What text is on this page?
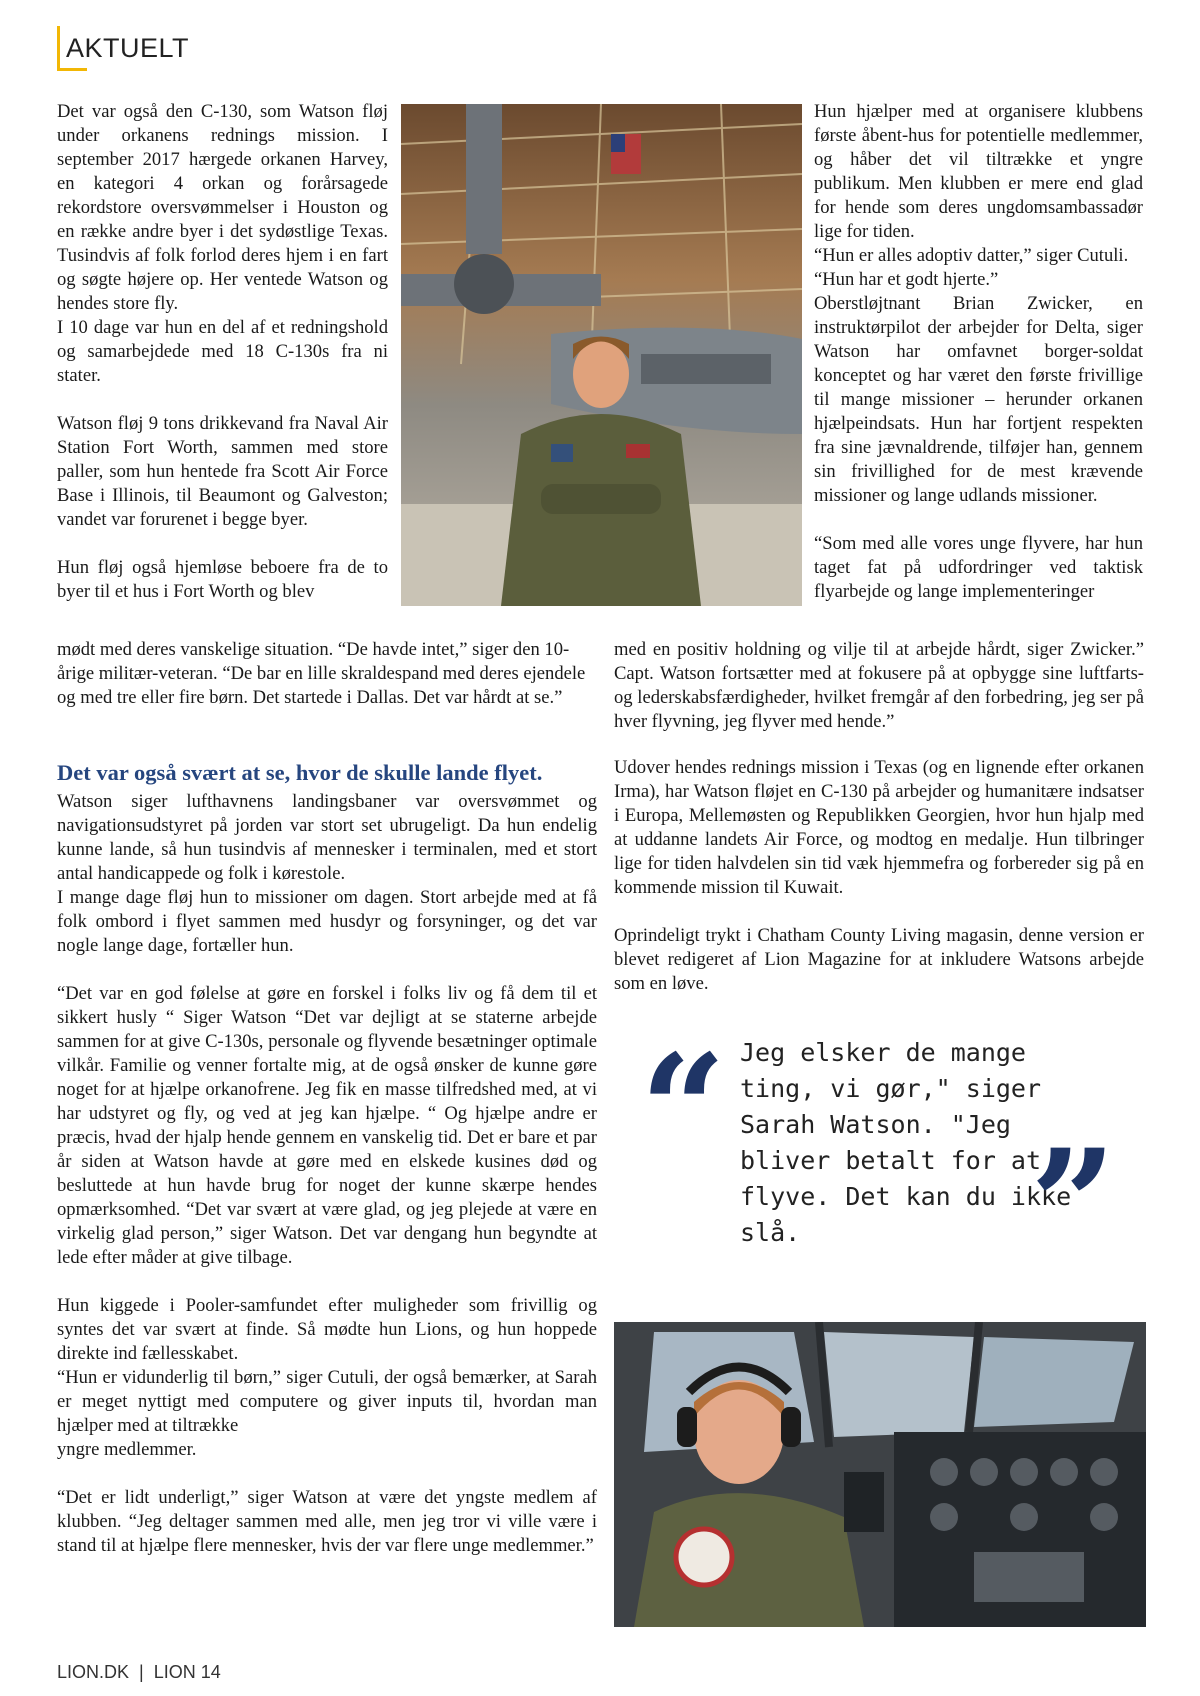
AKTUELT

Det var også den C-130, som Watson fløj under orkanens rednings mission. I september 2017 hærgede orkanen Harvey, en kategori 4 orkan og forårsagede rekordstore oversvømmelser i Houston og en række andre byer i det sydøstlige Texas. Tusindvis af folk forlod deres hjem i en fart og søgte højere op. Her ventede Watson og hendes store fly.

I 10 dage var hun en del af et redningshold og samarbejdede med 18 C-130s fra ni stater.

Watson fløj 9 tons drikkevand fra Naval Air Station Fort Worth, sammen med store paller, som hun hentede fra Scott Air Force Base i Illinois, til Beaumont og Galveston; vandet var forurenet i begge byer.

Hun fløj også hjemløse beboere fra de to byer til et hus i Fort Worth og blev

mødt med deres vanskelige situation. “De havde intet,” siger den 10-årige militær-veteran. “De bar en lille skraldespand med deres ejendele og med tre eller fire børn. Det startede i Dallas. Det var hårdt at se.”

Det var også svært at se, hvor de skulle lande flyet.

Watson siger lufthavnens landingsbaner var oversvømmet og navigationsudstyret på jorden var stort set ubrugeligt. Da hun endelig kunne lande, så hun tusindvis af mennesker i terminalen, med et stort antal handicappede og folk i kørestole.

I mange dage fløj hun to missioner om dagen. Stort arbejde med at få folk ombord i flyet sammen med husdyr og forsyninger, og det var nogle lange dage, fortæller hun.

“Det var en god følelse at gøre en forskel i folks liv og få dem til et sikkert husly “ Siger Watson “Det var dejligt at se staterne arbejde sammen for at give C-130s, personale og flyvende besætninger optimale vilkår. Familie og venner fortalte mig, at de også ønsker de kunne gøre noget for at hjælpe orkanofrene. Jeg fik en masse tilfredshed med, at vi har udstyret og fly, og ved at jeg kan hjælpe. “ Og hjælpe andre er præcis, hvad der hjalp hende gennem en vanskelig tid. Det er bare et par år siden at Watson havde at gøre med en elskede kusines død og besluttede at hun havde brug for noget der kunne skærpe hendes opmærksomhed. “Det var svært at være glad, og jeg plejede at være en virkelig glad person,” siger Watson. Det var dengang hun begyndte at lede efter måder at give tilbage.

Hun kiggede i Pooler-samfundet efter muligheder som frivillig og syntes det var svært at finde. Så mødte hun Lions, og hun hoppede direkte ind fællesskabet.

“Hun er vidunderlig til børn,” siger Cutuli, der også bemærker, at Sarah er meget nyttigt med computere og giver inputs til, hvordan man hjælper med at tiltrække

yngre medlemmer.

“Det er lidt underligt,” siger Watson at være det yngste medlem af klubben. “Jeg deltager sammen med alle, men jeg tror vi ville være i stand til at hjælpe flere mennesker, hvis der var flere unge medlemmer.”

Hun hjælper med at organisere klubbens første åbent-hus for potentielle medlemmer, og håber det vil tiltrække et yngre publikum. Men klubben er mere end glad for hende som deres ungdomsambassadør lige for tiden.

“Hun er alles adoptiv datter,” siger Cutuli.

“Hun har et godt hjerte.”

Oberstløjtnant Brian Zwicker, en instruktørpilot der arbejder for Delta, siger Watson har omfavnet borger-soldat konceptet og har været den første frivillige til mange missioner – herunder orkanen hjælpeindsats. Hun har fortjent respekten fra sine jævnaldrende, tilføjer han, gennem sin frivillighed for de mest krævende missioner og lange udlands missioner.

“Som med alle vores unge flyvere, har hun taget fat på udfordringer ved taktisk flyarbejde og lange implementeringer

med en positiv holdning og vilje til at arbejde hårdt, siger Zwicker.” Capt. Watson fortsætter med at fokusere på at opbygge sine luftfarts- og lederskabsfærdigheder, hvilket fremgår af den forbedring, jeg ser på hver flyvning, jeg flyver med hende.”

Udover hendes rednings mission i Texas (og en lignende efter orkanen Irma), har Watson fløjet en C-130 på arbejder og humanitære indsatser i Europa, Mellemøsten og Republikken Georgien, hvor hun hjalp med at uddanne landets Air Force, og modtog en medalje. Hun tilbringer lige for tiden halvdelen sin tid væk hjemmefra og forbereder sig på en kommende mission til Kuwait.

Oprindeligt trykt i Chatham County Living magasin, denne version er blevet redigeret af Lion Magazine for at inkludere Watsons arbejde som en løve.

“ Jeg elsker de mange ting, vi gør," siger Sarah Watson. "Jeg bliver betalt for at flyve. Det kan du ikke slå.	”
LION.DK | LION 14
